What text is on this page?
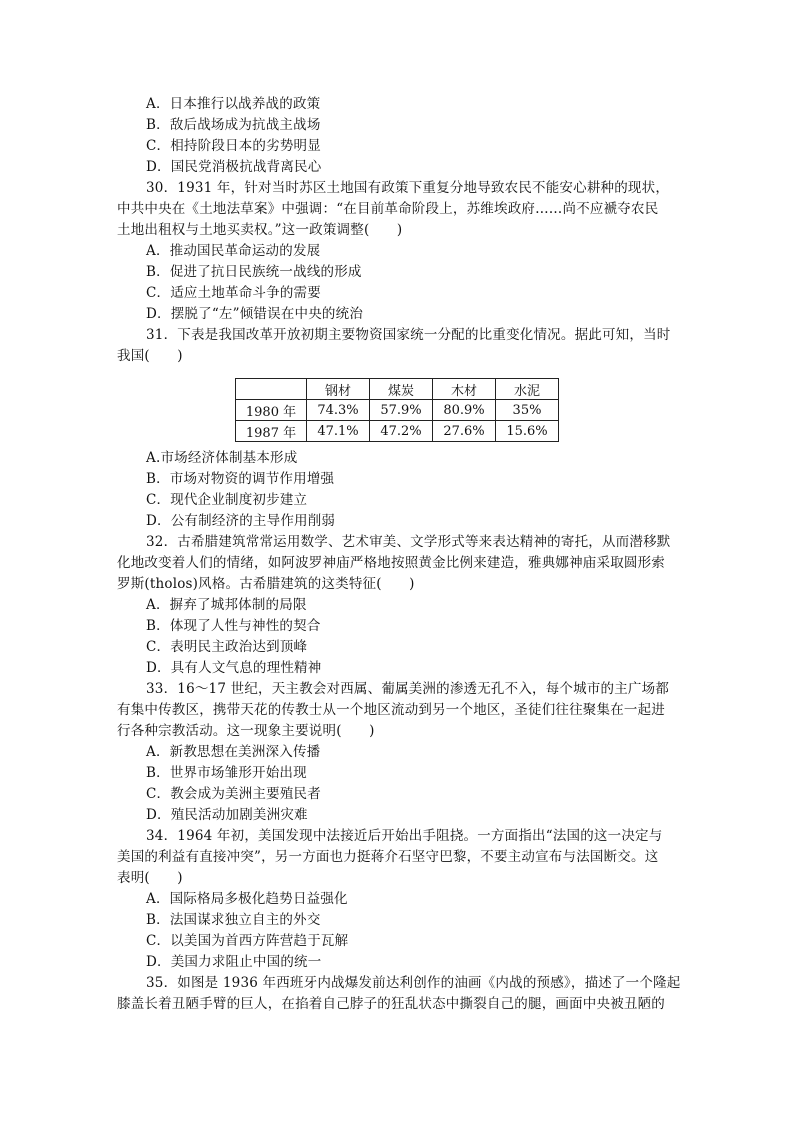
A．日本推行以战养战的政策
B．敌后战场成为抗战主战场
C．相持阶段日本的劣势明显
D．国民党消极抗战背离民心
30．1931 年，针对当时苏区土地国有政策下重复分地导致农民不能安心耕种的现状，
中共中央在《土地法草案》中强调：“在目前革命阶段上，苏维埃政府……尚不应褫夺农民
土地出租权与土地买卖权。”这一政策调整(　　)
A．推动国民革命运动的发展
B．促进了抗日民族统一战线的形成
C．适应土地革命斗争的需要
D．摆脱了“左”倾错误在中央的统治
31．下表是我国改革开放初期主要物资国家统一分配的比重变化情况。据此可知，当时
我国(　　)
	钢材	煤炭	木材	水泥
1980 年	74.3%	57.9%	80.9%	35%
1987 年	47.1%	47.2%	27.6%	15.6%
A.市场经济体制基本形成
B．市场对物资的调节作用增强
C．现代企业制度初步建立
D．公有制经济的主导作用削弱
32．古希腊建筑常常运用数学、艺术审美、文学形式等来表达精神的寄托，从而潜移默
化地改变着人们的情绪，如阿波罗神庙严格地按照黄金比例来建造，雅典娜神庙采取圆形索
罗斯(tholos)风格。古希腊建筑的这类特征(　　)
A．摒弃了城邦体制的局限
B．体现了人性与神性的契合
C．表明民主政治达到顶峰
D．具有人文气息的理性精神
33．16～17 世纪，天主教会对西属、葡属美洲的渗透无孔不入，每个城市的主广场都
有集中传教区，携带天花的传教士从一个地区流动到另一个地区，圣徒们往往聚集在一起进
行各种宗教活动。这一现象主要说明(　　)
A．新教思想在美洲深入传播
B．世界市场雏形开始出现
C．教会成为美洲主要殖民者
D．殖民活动加剧美洲灾难
34．1964 年初，美国发现中法接近后开始出手阻挠。一方面指出“法国的这一决定与
美国的利益有直接冲突”，另一方面也力挺蒋介石坚守巴黎，不要主动宣布与法国断交。这
表明(　　)
A．国际格局多极化趋势日益强化
B．法国谋求独立自主的外交
C．以美国为首西方阵营趋于瓦解
D．美国力求阻止中国的统一
35．如图是 1936 年西班牙内战爆发前达利创作的油画《内战的预感》，描述了一个隆起
膝盖长着丑陋手臂的巨人，在掐着自己脖子的狂乱状态中撕裂自己的腿，画面中央被丑陋的
